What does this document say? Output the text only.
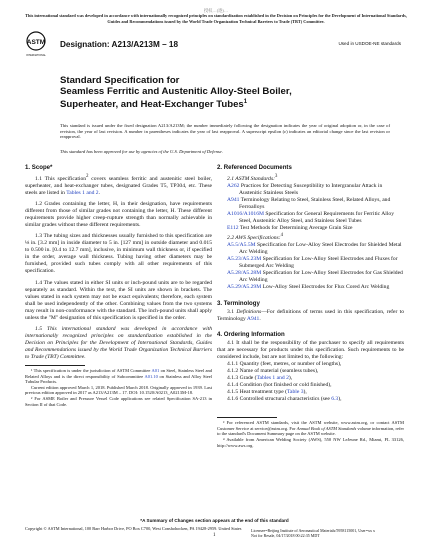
授权…(逐)…
This international standard was developed in accordance with internationally recognized principles on standardization established in the Decision on Principles for the Development of International Standards, Guides and Recommendations issued by the World Trade Organization Technical Barriers to Trade (TBT) Committee.
ASTM
INTERNATIONAL
Designation: A213/A213M – 18	Used in USDOE-NE standards
Standard Specification for
Seamless Ferritic and Austenitic Alloy-Steel Boiler,
Superheater, and Heat-Exchanger Tubes$^1$
This standard is issued under the fixed designation A213/A213M; the number immediately following the designation indicates the year of original adoption or, in the case of revision, the year of last revision. A number in parentheses indicates the year of last reapproval. A superscript epsilon (ε) indicates an editorial change since the last revision or reapproval.
This standard has been approved for use by agencies of the U.S. Department of Defense.
1. Scope*
1.1 This specification$^2$ covers seamless ferritic and austenitic steel boiler, superheater, and heat-exchanger tubes, designated Grades T5, TP304, etc. These steels are listed in Tables 1 and 2.
1.2 Grades containing the letter, H, in their designation, have requirements different from those of similar grades not containing the letter, H. These different requirements provide higher creep-rupture strength than normally achievable in similar grades without these different requirements.
1.3 The tubing sizes and thicknesses usually furnished to this specification are ⅛ in. [3.2 mm] in inside diameter to 5 in. [127 mm] in outside diameter and 0.015 to 0.500 in. [0.4 to 12.7 mm], inclusive, in minimum wall thickness or, if specified in the order, average wall thickness. Tubing having other diameters may be furnished, provided such tubes comply with all other requirements of this specification.
1.4 The values stated in either SI units or inch-pound units are to be regarded separately as standard. Within the text, the SI units are shown in brackets. The values stated in each system may not be exact equivalents; therefore, each system shall be used independently of the other. Combining values from the two systems may result in non-conformance with the standard. The inch-pound units shall apply unless the "M" designation of this specification is specified in the order.
1.5 This international standard was developed in accordance with internationally recognized principles on standardization established in the Decision on Principles for the Development of International Standards, Guides and Recommendations issued by the World Trade Organization Technical Barriers to Trade (TBT) Committee.
¹ This specification is under the jurisdiction of ASTM Committee A01 on Steel, Stainless Steel and Related Alloys and is the direct responsibility of Subcommittee A01.10 on Stainless and Alloy Steel Tubular Products.
Current edition approved March 1, 2018. Published March 2018. Originally approved in 1939. Last previous edition approved in 2017 as A213/A213M – 17. DOI: 10.1520/A0213_A0213M-18.
² For ASME Boiler and Pressure Vessel Code applications see related Specification SA-213 in Section II of that Code.
2. Referenced Documents
2.1 ASTM Standards:$^3$
A262 Practices for Detecting Susceptibility to Intergranular Attack in Austenitic Stainless Steels
A941 Terminology Relating to Steel, Stainless Steel, Related Alloys, and Ferroalloys
A1016/A1016M Specification for General Requirements for Ferritic Alloy Steel, Austenitic Alloy Steel, and Stainless Steel Tubes
E112 Test Methods for Determining Average Grain Size
2.2 AWS Specifications:$^4$
A5.5/A5.5M Specification for Low-Alloy Steel Electrodes for Shielded Metal Arc Welding
A5.23/A5.23M Specification for Low-Alloy Steel Electrodes and Fluxes for Submerged Arc Welding
A5.28/A5.28M Specification for Low-Alloy Steel Electrodes for Gas Shielded Arc Welding
A5.29/A5.29M Low-Alloy Steel Electrodes for Flux Cored Arc Welding
3. Terminology
3.1 Definitions—For definitions of terms used in this specification, refer to Terminology A941.
4. Ordering Information
4.1 It shall be the responsibility of the purchaser to specify all requirements that are necessary for products under this specification. Such requirements to be considered include, but are not limited to, the following:
4.1.1 Quantity (feet, metres, or number of lengths),
4.1.2 Name of material (seamless tubes),
4.1.3 Grade (Tables 1 and 2),
4.1.4 Condition (hot finished or cold finished),
4.1.5 Heat treatment type (Table 3),
4.1.6 Controlled structural characteristics (see 6.3),
³ For referenced ASTM standards, visit the ASTM website, www.astm.org, or contact ASTM Customer Service at service@astm.org. For Annual Book of ASTM Standards volume information, refer to the standard's Document Summary page on the ASTM website.
⁴ Available from American Welding Society (AWS), 550 NW LeJeune Rd., Miami, FL 33126, http://www.aws.org.
*A Summary of Changes section appears at the end of this standard
Copyright © ASTM International, 100 Barr Harbor Drive, PO Box C700, West Conshohocken, PA 19428-2959. United States
1
Licensee=Beijing Institute of Aeronautical Materials/5958115001, User=xx x
Not for Resale, 04/17/2018 00:22:35 MDT
